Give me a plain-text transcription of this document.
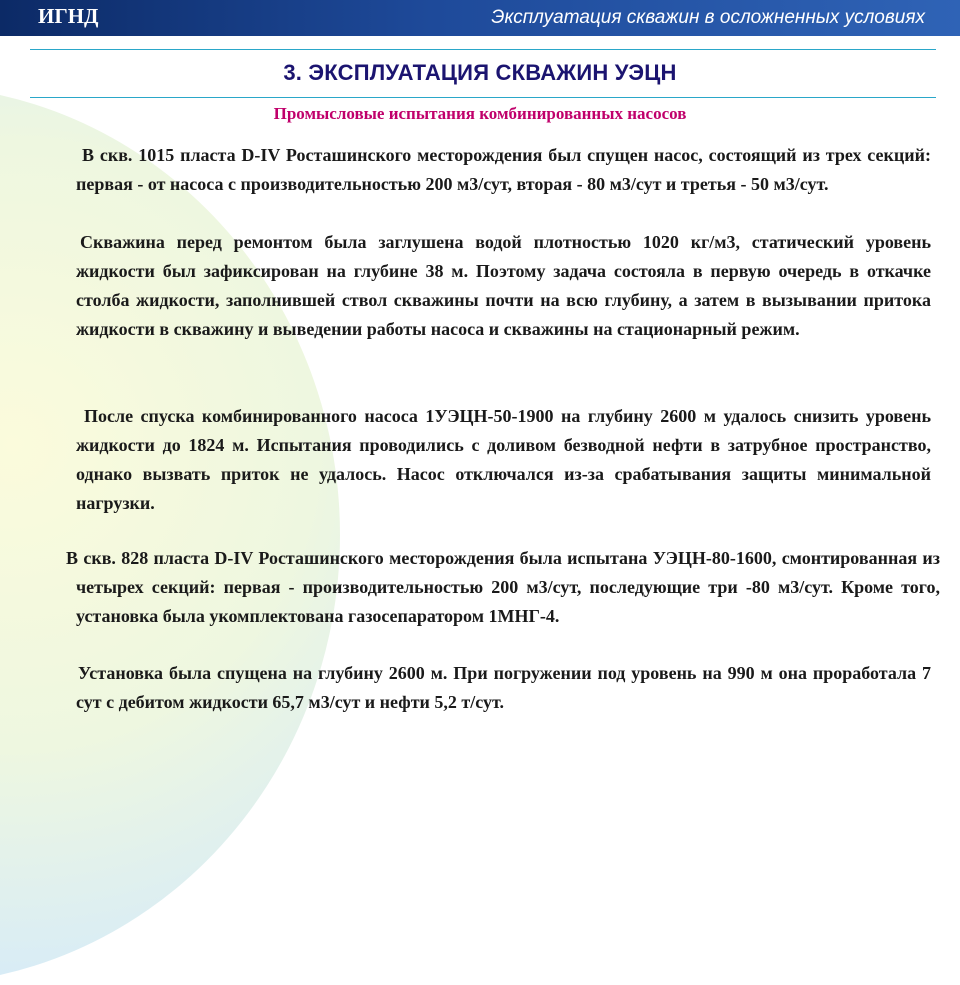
ИГНД	Эксплуатация скважин в осложненных условиях
3. ЭКСПЛУАТАЦИЯ СКВАЖИН УЭЦН
Промысловые испытания комбинированных насосов

В скв. 1015 пласта D-IV Росташинского месторождения был спущен насос, состоящий из трех секций: первая - от насоса с производительностью 200 м3/сут, вторая - 80 м3/сут и третья - 50 м3/сут.

Скважина перед ремонтом была заглушена водой плотностью 1020 кг/м3, статический уровень жидкости был зафиксирован на глубине 38 м. Поэтому задача состояла в первую очередь в откачке столба жидкости, заполнившей ствол скважины почти на всю глубину, а затем в вызывании притока жидкости в скважину и выведении работы насоса и скважины на стационарный режим.

После спуска комбинированного насоса 1УЭЦН-50-1900 на глубину 2600 м удалось снизить уровень жидкости до 1824 м. Испытания проводились с доливом безводной нефти в затрубное пространство, однако вызвать приток не удалось. Насос отключался из-за срабатывания защиты минимальной нагрузки.

В скв. 828 пласта D-IV Росташинского месторождения была испытана УЭЦН-80-1600, смонтированная из четырех секций: первая - производительностью 200 м3/сут, последующие три -80 м3/сут. Кроме того, установка была укомплектована газосепаратором 1МНГ-4.

Установка была спущена на глубину 2600 м. При погружении под уровень на 990 м она проработала 7 сут с дебитом жидкости 65,7 м3/сут и нефти 5,2 т/сут.
